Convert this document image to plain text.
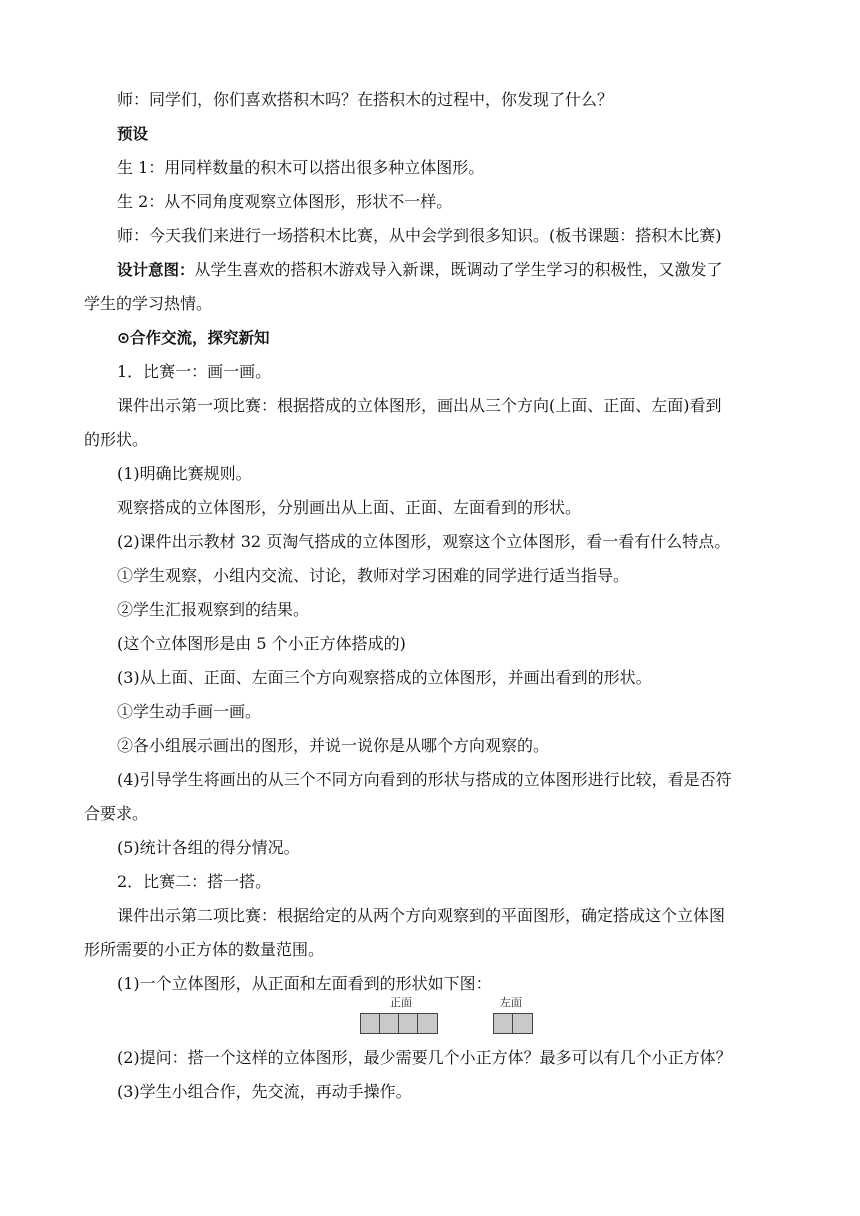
师：同学们，你们喜欢搭积木吗？在搭积木的过程中，你发现了什么？
预设
生 1：用同样数量的积木可以搭出很多种立体图形。
生 2：从不同角度观察立体图形，形状不一样。
师：今天我们来进行一场搭积木比赛，从中会学到很多知识。(板书课题：搭积木比赛)
设计意图：从学生喜欢的搭积木游戏导入新课，既调动了学生学习的积极性，又激发了
学生的学习热情。
⊙合作交流，探究新知
1．比赛一：画一画。
课件出示第一项比赛：根据搭成的立体图形，画出从三个方向(上面、正面、左面)看到
的形状。
(1)明确比赛规则。
观察搭成的立体图形，分别画出从上面、正面、左面看到的形状。
(2)课件出示教材 32 页淘气搭成的立体图形，观察这个立体图形，看一看有什么特点。
①学生观察，小组内交流、讨论，教师对学习困难的同学进行适当指导。
②学生汇报观察到的结果。
(这个立体图形是由 5 个小正方体搭成的)
(3)从上面、正面、左面三个方向观察搭成的立体图形，并画出看到的形状。
①学生动手画一画。
②各小组展示画出的图形，并说一说你是从哪个方向观察的。
(4)引导学生将画出的从三个不同方向看到的形状与搭成的立体图形进行比较，看是否符
合要求。
(5)统计各组的得分情况。
2．比赛二：搭一搭。
课件出示第二项比赛：根据给定的从两个方向观察到的平面图形，确定搭成这个立体图
形所需要的小正方体的数量范围。
(1)一个立体图形，从正面和左面看到的形状如下图：
正面	左面
(2)提问：搭一个这样的立体图形，最少需要几个小正方体？最多可以有几个小正方体？
(3)学生小组合作，先交流，再动手操作。
